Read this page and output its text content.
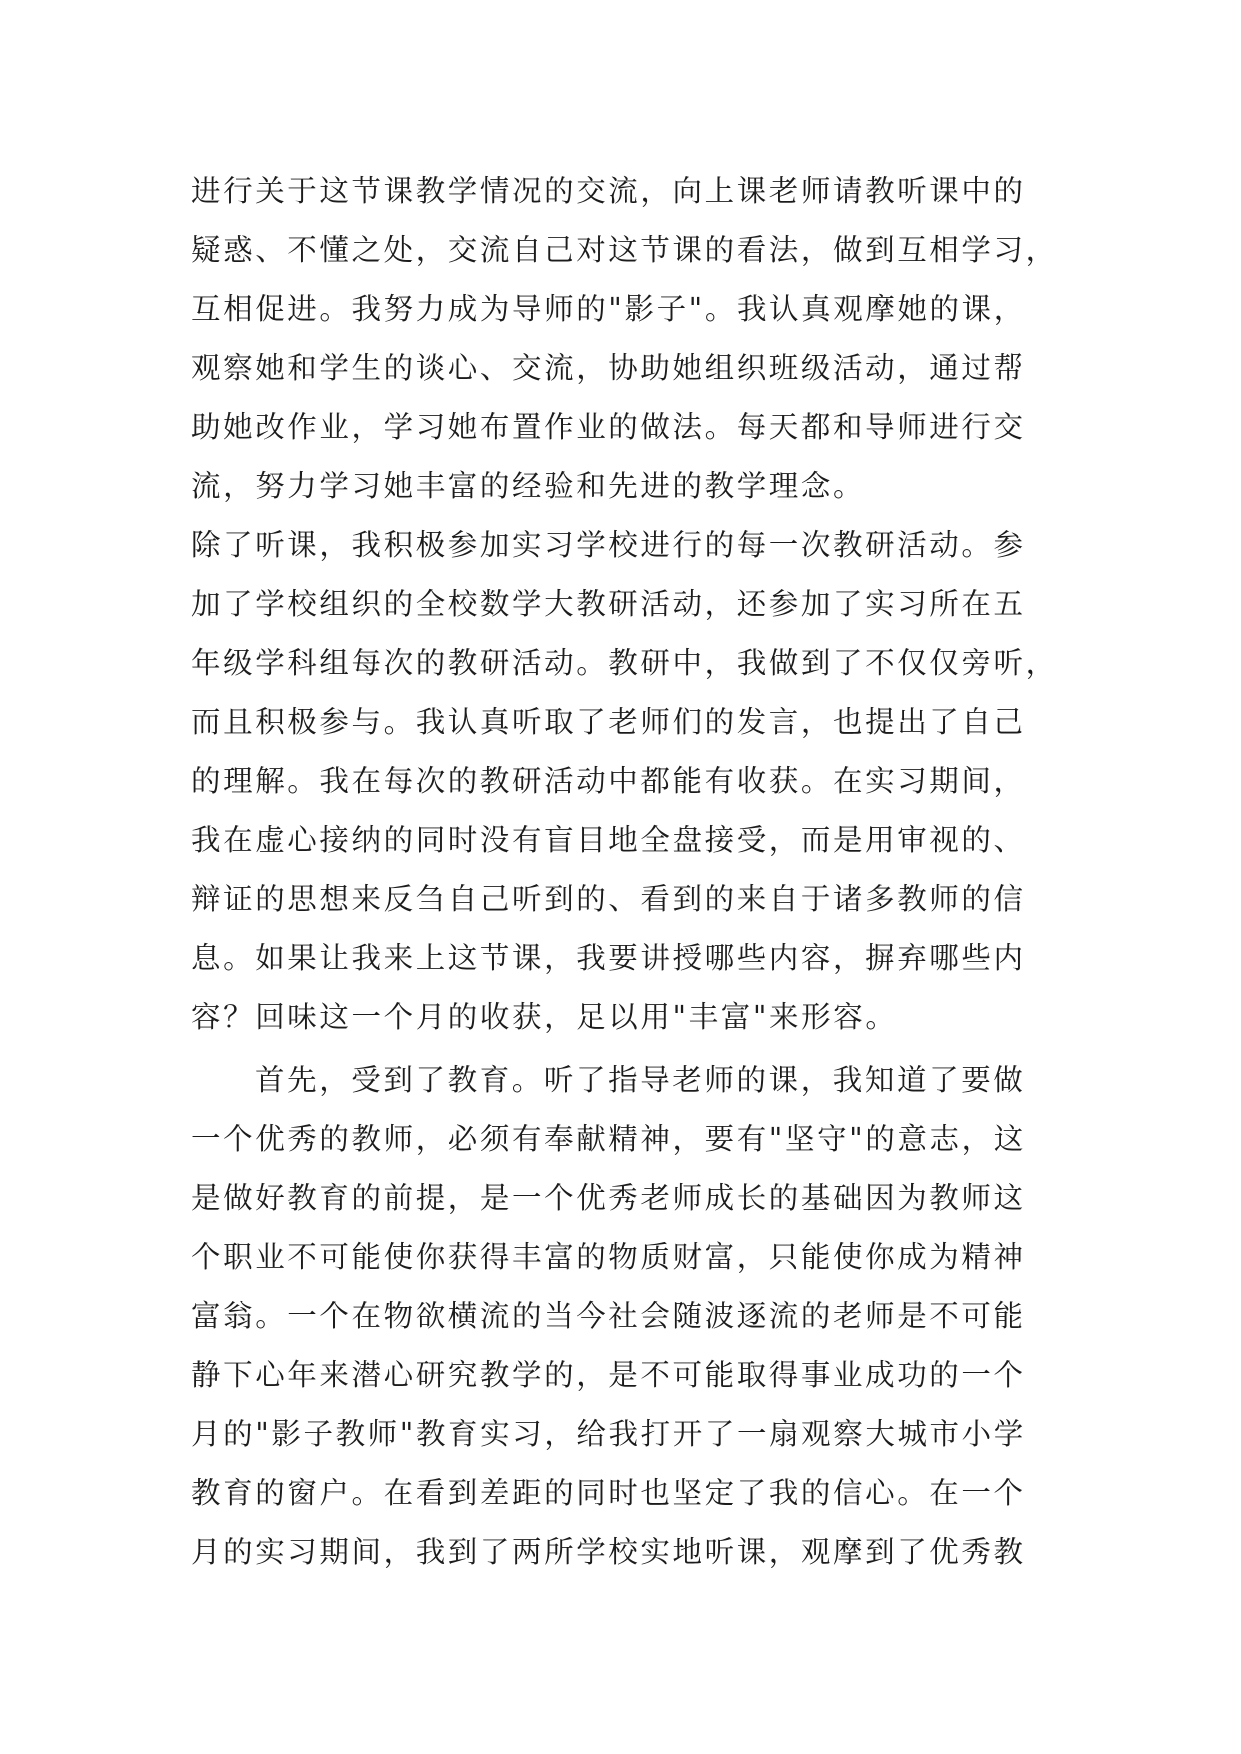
进行关于这节课教学情况的交流，向上课老师请教听课中的
疑惑、不懂之处，交流自己对这节课的看法，做到互相学习，
互相促进。我努力成为导师的"影子"。我认真观摩她的课，
观察她和学生的谈心、交流，协助她组织班级活动，通过帮
助她改作业，学习她布置作业的做法。每天都和导师进行交
流，努力学习她丰富的经验和先进的教学理念。
除了听课，我积极参加实习学校进行的每一次教研活动。参
加了学校组织的全校数学大教研活动，还参加了实习所在五
年级学科组每次的教研活动。教研中，我做到了不仅仅旁听，
而且积极参与。我认真听取了老师们的发言，也提出了自己
的理解。我在每次的教研活动中都能有收获。在实习期间，
我在虚心接纳的同时没有盲目地全盘接受，而是用审视的、
辩证的思想来反刍自己听到的、看到的来自于诸多教师的信
息。如果让我来上这节课，我要讲授哪些内容，摒弃哪些内
容？回味这一个月的收获，足以用"丰富"来形容。
首先，受到了教育。听了指导老师的课，我知道了要做
一个优秀的教师，必须有奉献精神，要有"坚守"的意志，这
是做好教育的前提，是一个优秀老师成长的基础因为教师这
个职业不可能使你获得丰富的物质财富，只能使你成为精神
富翁。一个在物欲横流的当今社会随波逐流的老师是不可能
静下心年来潜心研究教学的，是不可能取得事业成功的一个
月的"影子教师"教育实习，给我打开了一扇观察大城市小学
教育的窗户。在看到差距的同时也坚定了我的信心。在一个
月的实习期间，我到了两所学校实地听课，观摩到了优秀教
